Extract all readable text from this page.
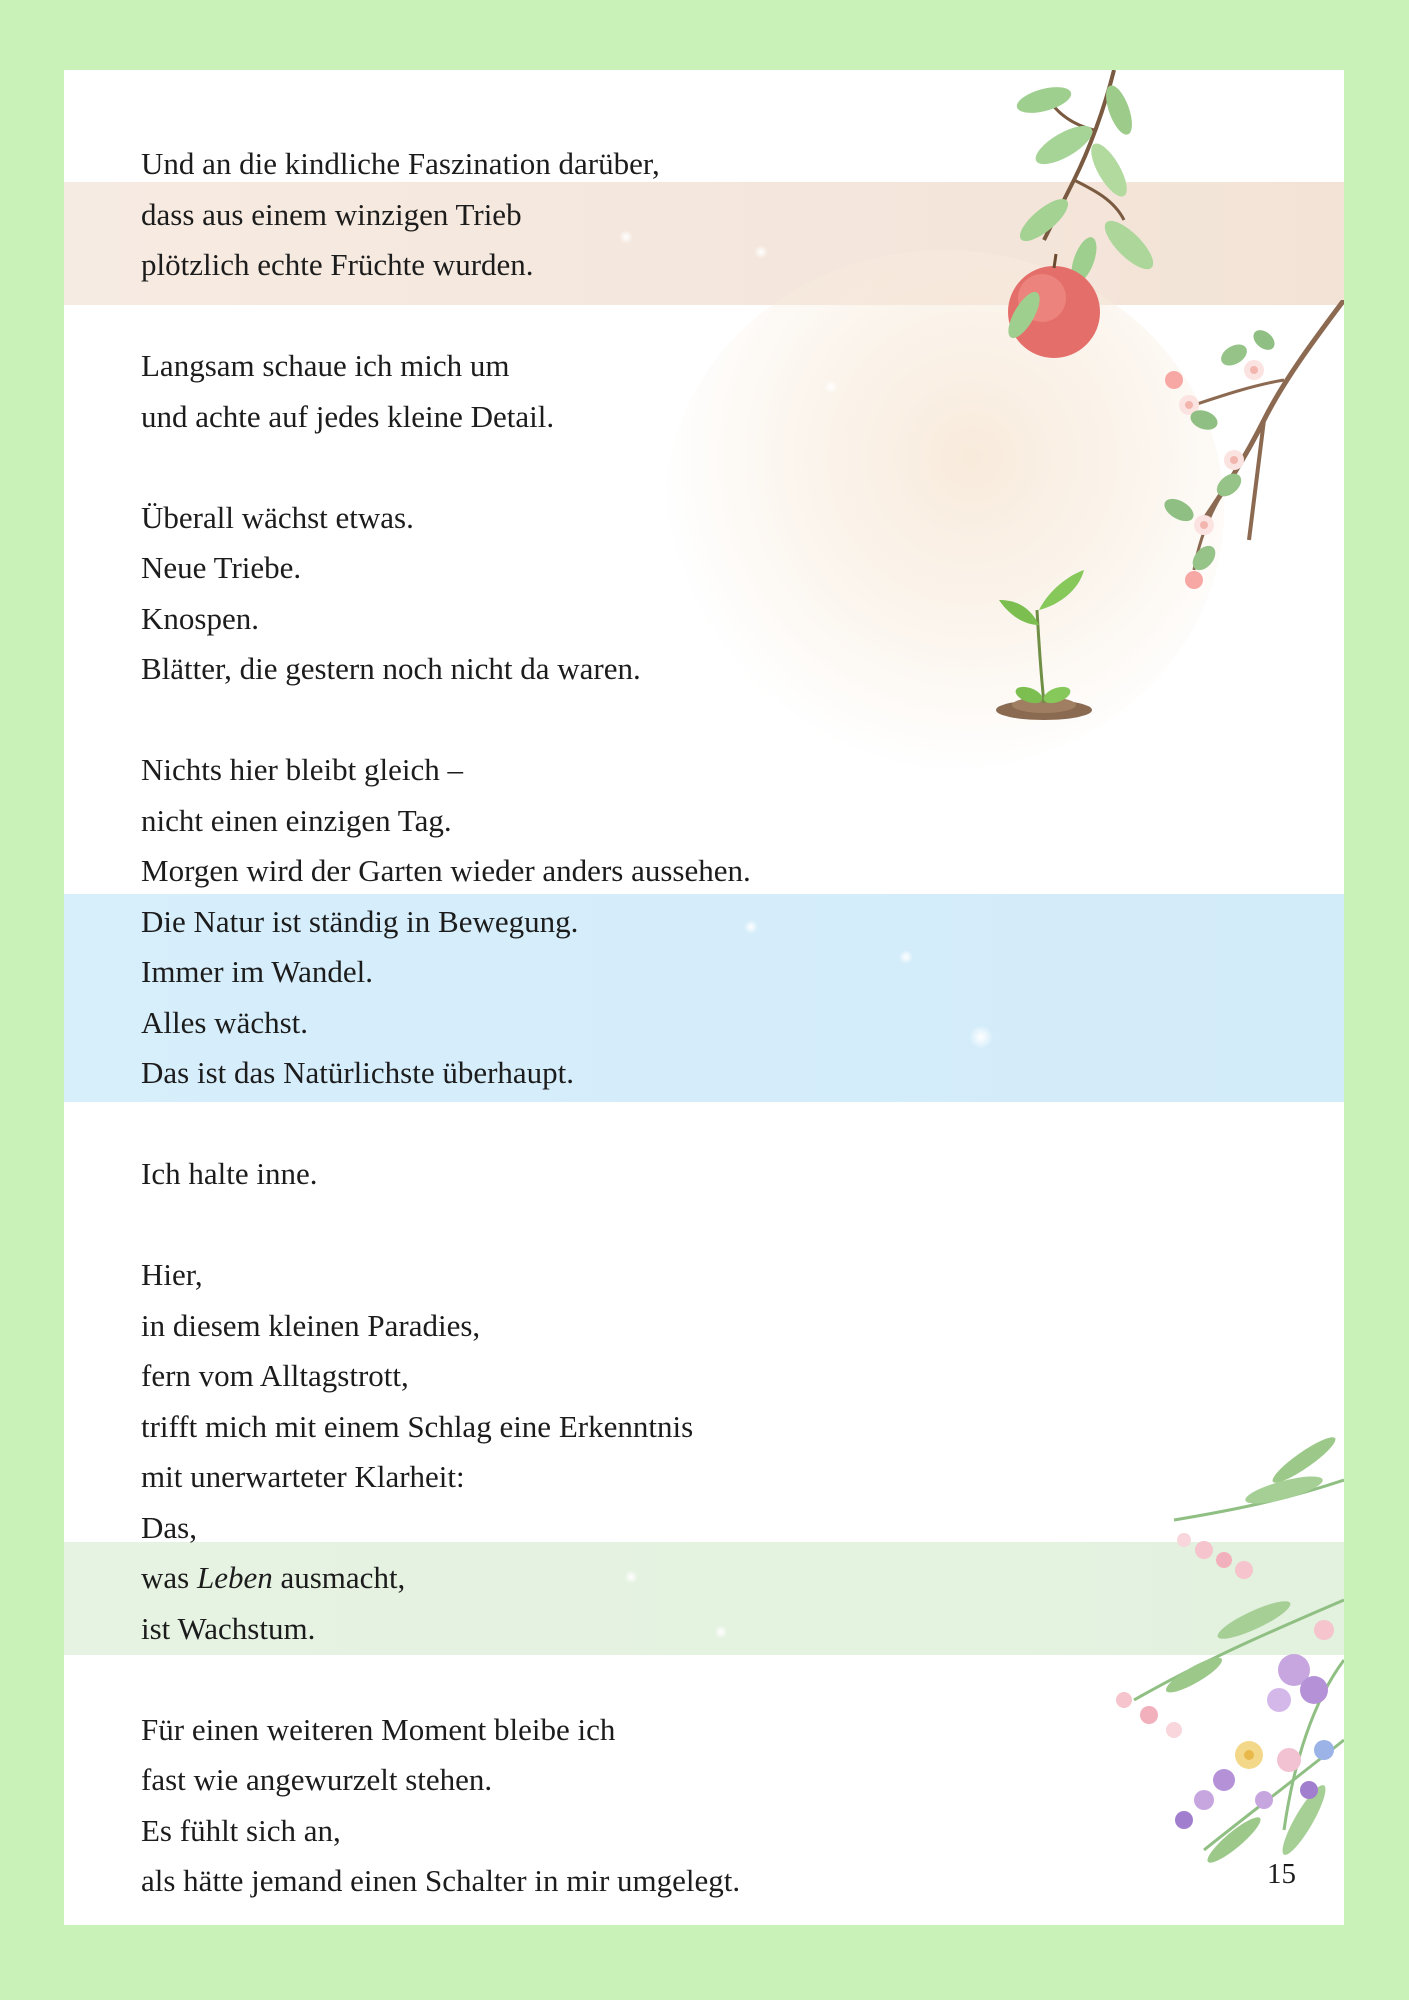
Und an die kindliche Faszination darüber,
dass aus einem winzigen Trieb
plötzlich echte Früchte wurden.
Langsam schaue ich mich um
und achte auf jedes kleine Detail.
Überall wächst etwas.
Neue Triebe.
Knospen.
Blätter, die gestern noch nicht da waren.
Nichts hier bleibt gleich –
nicht einen einzigen Tag.
Morgen wird der Garten wieder anders aussehen.
Die Natur ist ständig in Bewegung.
Immer im Wandel.
Alles wächst.
Das ist das Natürlichste überhaupt.
Ich halte inne.
Hier,
in diesem kleinen Paradies,
fern vom Alltagstrott,
trifft mich mit einem Schlag eine Erkenntnis
mit unerwarteter Klarheit:
Das,
was Leben ausmacht,
ist Wachstum.
Für einen weiteren Moment bleibe ich
fast wie angewurzelt stehen.
Es fühlt sich an,
als hätte jemand einen Schalter in mir umgelegt.	15
